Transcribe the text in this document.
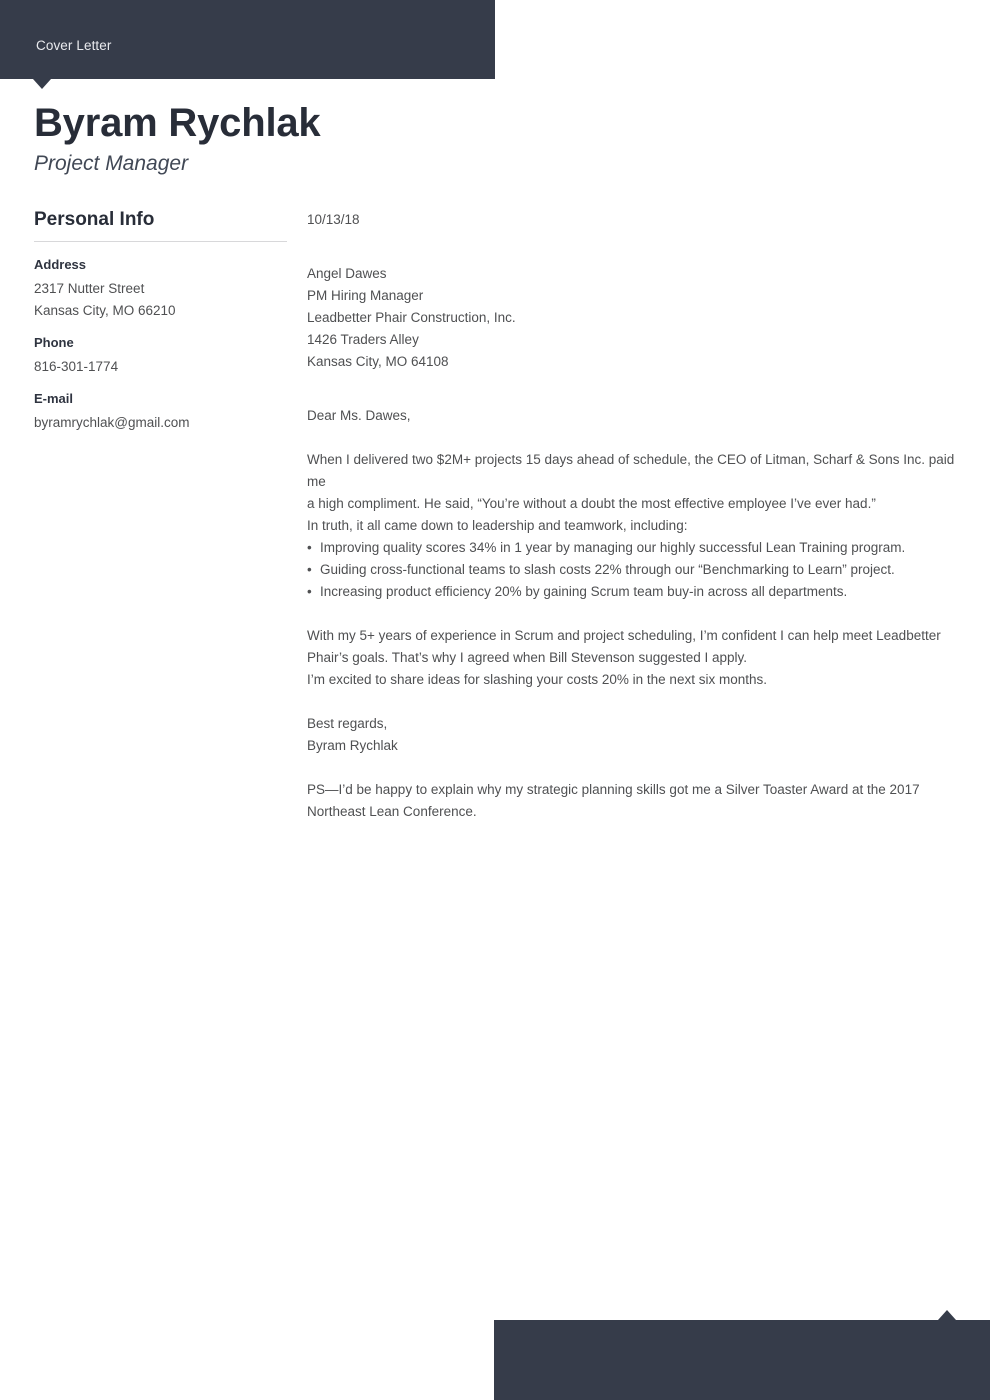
Cover Letter
Byram Rychlak
Project Manager
Personal Info
Address
2317 Nutter Street
Kansas City, MO 66210
Phone
816-301-1774
E-mail
byramrychlak@gmail.com
10/13/18
Angel Dawes
PM Hiring Manager
Leadbetter Phair Construction, Inc.
1426 Traders Alley
Kansas City, MO 64108
Dear Ms. Dawes,

When I delivered two $2M+ projects 15 days ahead of schedule, the CEO of Litman, Scharf & Sons Inc. paid me

a high compliment. He said, “You’re without a doubt the most effective employee I’ve ever had.”

In truth, it all came down to leadership and teamwork, including:

• Improving quality scores 34% in 1 year by managing our highly successful Lean Training program.
• Guiding cross-functional teams to slash costs 22% through our “Benchmarking to Learn” project.
• Increasing product efficiency 20% by gaining Scrum team buy-in across all departments.

With my 5+ years of experience in Scrum and project scheduling, I’m confident I can help meet Leadbetter

Phair’s goals. That’s why I agreed when Bill Stevenson suggested I apply.

I’m excited to share ideas for slashing your costs 20% in the next six months.

Best regards,
Byram Rychlak

PS—I’d be happy to explain why my strategic planning skills got me a Silver Toaster Award at the 2017

Northeast Lean Conference.
